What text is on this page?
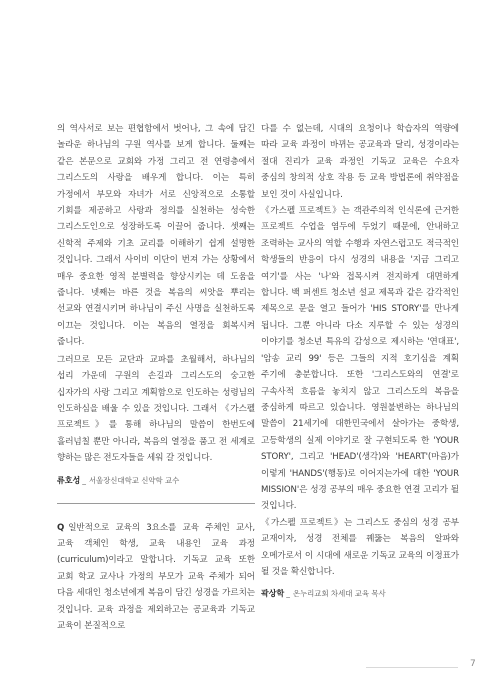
의 역사서로 보는 편협함에서 벗어나, 그 속에 담긴 놀라운 하나님의 구원 역사를 보게 합니다. 둘째는 같은 본문으로 교회와 가정 그리고 전 연령층에서 그리스도의 사랑을 배우게 합니다. 이는 특히 가정에서 부모와 자녀가 서로 신앙적으로 소통할 기회를 제공하고 사랑과 정의를 실천하는 성숙한 그리스도인으로 성장하도록 이끌어 줍니다. 셋째는 신학적 주제와 기초 교리를 이해하기 쉽게 설명한 것입니다. 그래서 사이비 이단이 번져 가는 상황에서 매우 중요한 영적 분별력을 향상시키는 데 도움을 줍니다. 넷째는 바른 것을 복음의 씨앗을 뿌리는 선교와 연결시키며 하나님이 주신 사명을 실천하도록 이끄는 것입니다. 이는 복음의 열정을 회복시켜 줍니다.

그러므로 모든 교단과 교파를 초월해서, 하나님의 섭리 가운데 구원의 손길과 그리스도의 숭고한 십자가의 사랑 그리고 계획함으로 인도하는 성령님의 인도하심을 배울 수 있을 것입니다. 그래서 《가스펠 프로젝트》를 통해 하나님의 말씀이 한번도에 흘러넘칠 뿐만 아니라, 복음의 열정을 품고 전 세계로 향하는 많은 전도자들을 세워 갈 것입니다.

류호성 _ 서울장신대학교 신약학 교수

Q 일반적으로 교육의 3요소를 교육 주체인 교사, 교육 객체인 학생, 교육 내용인 교육 과정(curriculum)이라고 말합니다. 기독교 교육 또한 교회 학교 교사나 가정의 부모가 교육 주체가 되어 다음 세대인 청소년에게 복음이 담긴 성경을 가르치는 것입니다. 교육 과정을 제외하고는 공교육과 기독교 교육이 본질적으로

다를 수 없는데, 시대의 요청이나 학습자의 역량에 따라 교육 과정이 바뀌는 공교육과 달리, 성경이라는 절대 진리가 교육 과정인 기독교 교육은 수요자 중심의 창의적 상호 작용 등 교육 방법론에 취약점을 보인 것이 사실입니다.

《가스펠 프로젝트》는 객관주의적 인식론에 근거한 프로젝트 수업을 염두에 두었기 때문에, 안내하고 조력하는 교사의 역할 수행과 자연스럽고도 적극적인 학생들의 반응이 다시 성경의 내용을 '지금 그리고 여기'를 사는 '나'와 접목시켜 전지하게 대면하게 합니다. 백 퍼센트 청소년 설교 제목과 같은 감각적인 제목으로 문을 열고 들어가 'HIS STORY'를 만나게 됩니다. 그뿐 아니라 다소 지루할 수 있는 성경의 이야기를 청소년 특유의 감성으로 제시하는 '연대표', '암송 교리 99' 등은 그들의 지적 호기심을 계획 주기에 충분합니다. 또한 '그리스도와의 연결'로 구속사적 흐름을 놓치지 않고 그리스도의 복음을 중심하게 따르고 있습니다. 영원불변하는 하나님의 말씀이 21세기에 대한민국에서 살아가는 중학생, 고등학생의 실제 이야기로 잘 구현되도록 한 'YOUR STORY', 그리고 'HEAD'(생각)와 'HEART'(마음)가 이렇게 'HANDS'(행동)로 이어지는가에 대한 'YOUR MISSION'은 성경 공부의 매우 중요한 연결 고리가 될 것입니다.

《가스펠 프로젝트》는 그리스도 중심의 성경 공부 교재이자, 성경 전체를 꿰뚫는 복음의 알파와 오메가로서 이 시대에 새로운 기독교 교육의 이정표가 될 것을 확신합니다.

곽상학 _ 온누리교회 차세대 교육 목사
7
